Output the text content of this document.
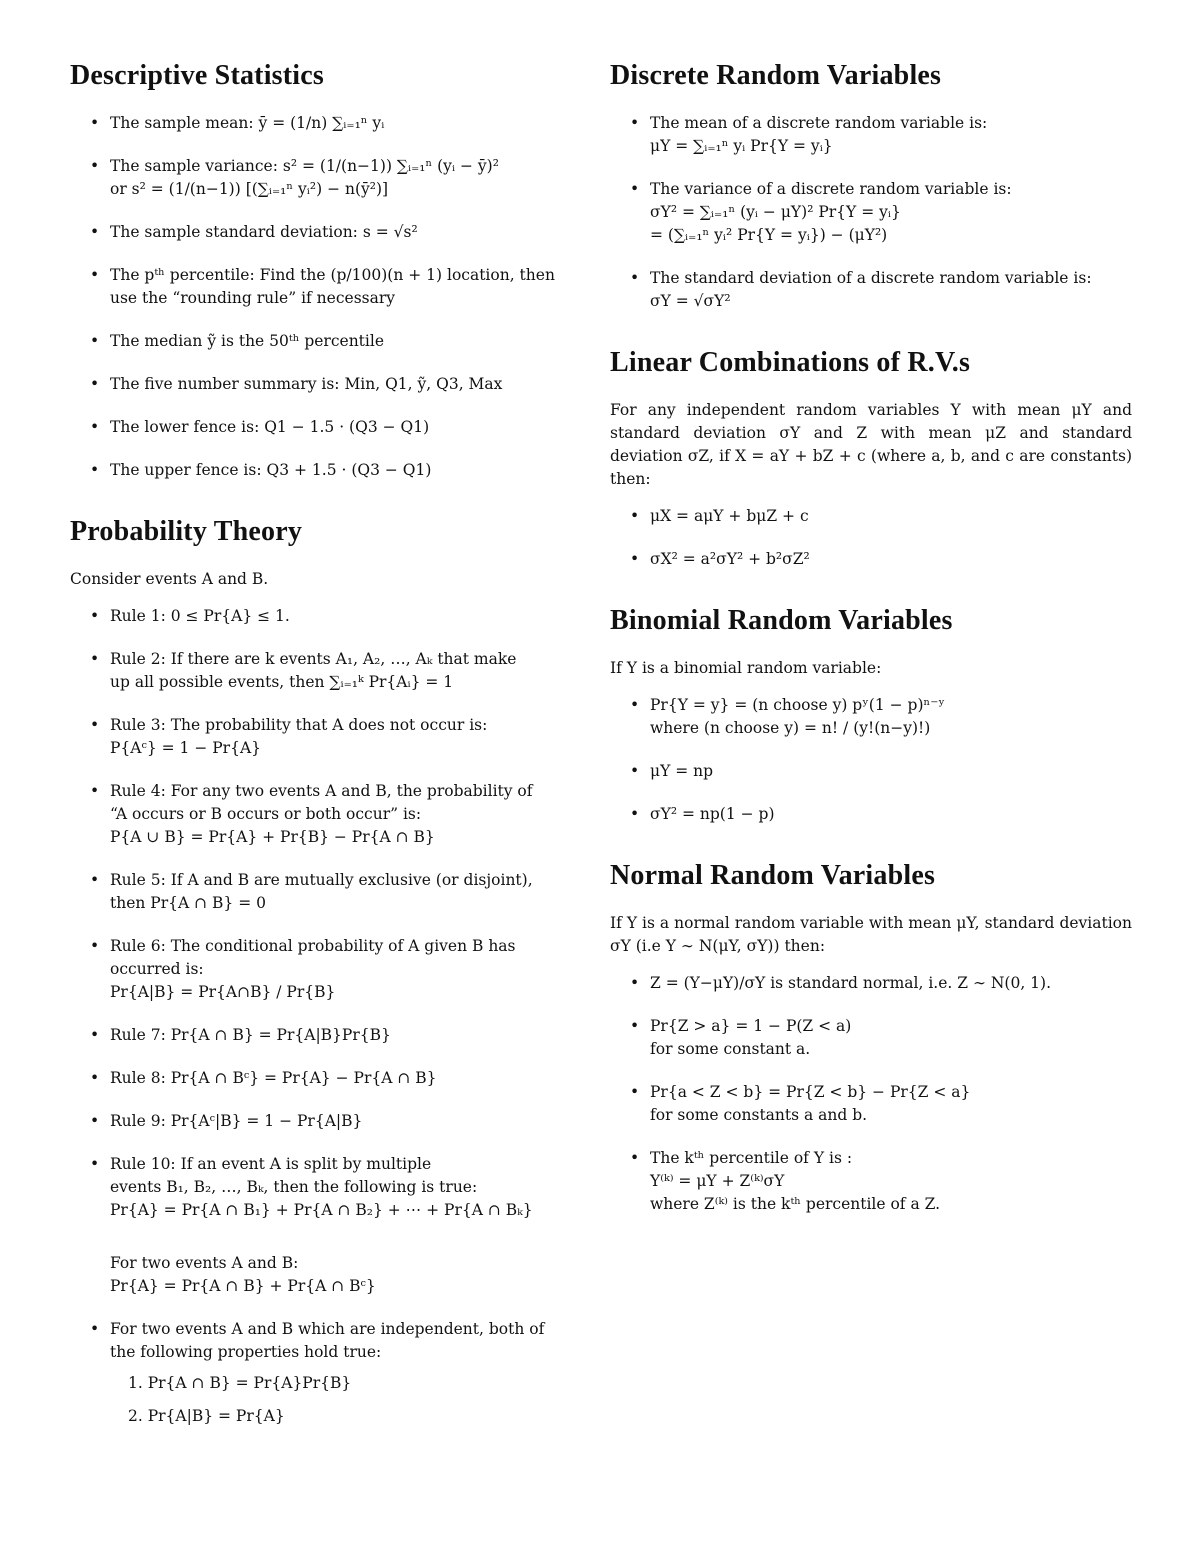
Descriptive Statistics
• The sample mean: ȳ = (1/n) ∑ᵢ₌₁ⁿ yᵢ
• The sample variance: s² = (1/(n−1)) ∑ᵢ₌₁ⁿ (yᵢ − ȳ)²
or s² = (1/(n−1)) [(∑ᵢ₌₁ⁿ yᵢ²) − n(ȳ²)]
• The sample standard deviation: s = √s²
• The pᵗʰ percentile: Find the (p/100)(n + 1) location, then
use the “rounding rule” if necessary
• The median ỹ is the 50ᵗʰ percentile
• The five number summary is: Min, Q1, ỹ, Q3, Max
• The lower fence is: Q1 − 1.5 · (Q3 − Q1)
• The upper fence is: Q3 + 1.5 · (Q3 − Q1)
Probability Theory

Consider events A and B.

• Rule 1: 0 ≤ Pr{A} ≤ 1.
• Rule 2: If there are k events A₁, A₂, …, Aₖ that make
up all possible events, then ∑ᵢ₌₁ᵏ Pr{Aᵢ} = 1
• Rule 3: The probability that A does not occur is:
P{Aᶜ} = 1 − Pr{A}
• Rule 4: For any two events A and B, the probability of
“A occurs or B occurs or both occur” is:
P{A ∪ B} = Pr{A} + Pr{B} − Pr{A ∩ B}
• Rule 5: If A and B are mutually exclusive (or disjoint),
then Pr{A ∩ B} = 0
• Rule 6: The conditional probability of A given B has
occurred is:
Pr{A|B} = Pr{A∩B} / Pr{B}
• Rule 7: Pr{A ∩ B} = Pr{A|B}Pr{B}
• Rule 8: Pr{A ∩ Bᶜ} = Pr{A} − Pr{A ∩ B}
• Rule 9: Pr{Aᶜ|B} = 1 − Pr{A|B}
• Rule 10: If an event A is split by multiple
events B₁, B₂, …, Bₖ, then the following is true:
Pr{A} = Pr{A ∩ B₁} + Pr{A ∩ B₂} + ⋯ + Pr{A ∩ Bₖ}
For two events A and B:
Pr{A} = Pr{A ∩ B} + Pr{A ∩ Bᶜ}
• For two events A and B which are independent, both of
the following properties hold true:
1. Pr{A ∩ B} = Pr{A}Pr{B}
2. Pr{A|B} = Pr{A}
Discrete Random Variables
• The mean of a discrete random variable is:
μY = ∑ᵢ₌₁ⁿ yᵢ Pr{Y = yᵢ}
• The variance of a discrete random variable is:
σY² = ∑ᵢ₌₁ⁿ (yᵢ − μY)² Pr{Y = yᵢ}
= (∑ᵢ₌₁ⁿ yᵢ² Pr{Y = yᵢ}) − (μY²)
• The standard deviation of a discrete random variable is:
σY = √σY²
Linear Combinations of R.V.s

For any independent random variables Y with mean μY and standard deviation σY and Z with mean μZ and standard deviation σZ, if X = aY + bZ + c (where a, b, and c are constants) then:

• μX = aμY + bμZ + c
• σX² = a²σY² + b²σZ²
Binomial Random Variables

If Y is a binomial random variable:

• Pr{Y = y} = (n choose y) pʸ(1 − p)ⁿ⁻ʸ
where (n choose y) = n! / (y!(n−y)!)
• μY = np
• σY² = np(1 − p)
Normal Random Variables

If Y is a normal random variable with mean μY, standard deviation σY (i.e Y ∼ N(μY, σY)) then:

• Z = (Y−μY)/σY is standard normal, i.e. Z ∼ N(0, 1).
• Pr{Z > a} = 1 − P(Z < a)
for some constant a.
• Pr{a < Z < b} = Pr{Z < b} − Pr{Z < a}
for some constants a and b.
• The kᵗʰ percentile of Y is :
Y⁽ᵏ⁾ = μY + Z⁽ᵏ⁾σY
where Z⁽ᵏ⁾ is the kᵗʰ percentile of a Z.
